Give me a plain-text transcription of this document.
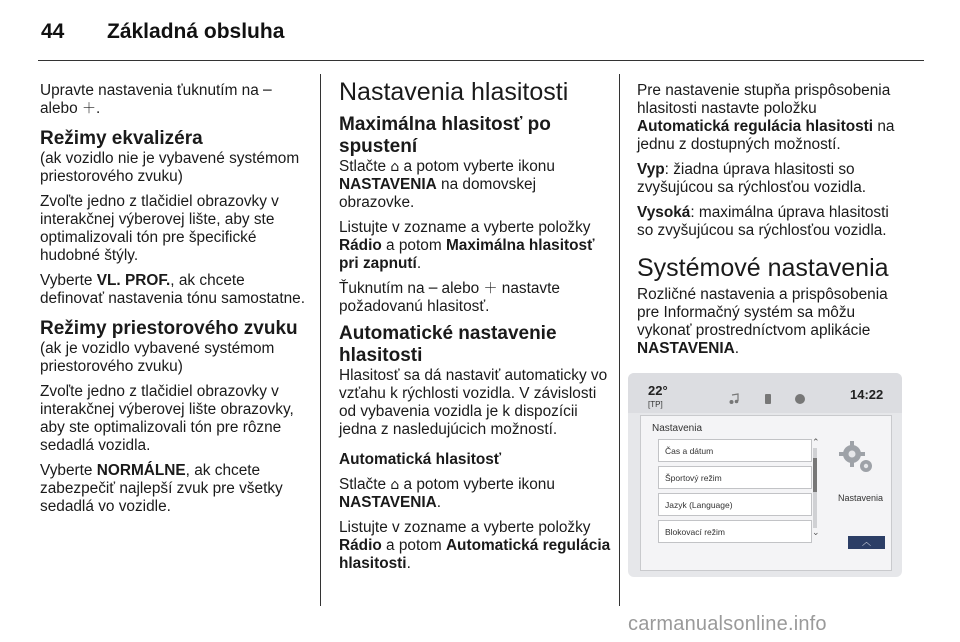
44 Základná obsluha

Upravte nastavenia ťuknutím na ─
alebo ＋.

Režimy ekvalizéra

(ak vozidlo nie je vybavené systémom priestorového zvuku)

Zvoľte jedno z tlačidiel obrazovky v interakčnej výberovej lište, aby ste optimalizovali tón pre špecifické hudobné štýly.

Vyberte VL. PROF., ak chcete definovať nastavenia tónu samostatne.

Režimy priestorového zvuku

(ak je vozidlo vybavené systémom priestorového zvuku)

Zvoľte jedno z tlačidiel obrazovky v interakčnej výberovej lište obrazovky, aby ste optimalizovali tón pre rôzne sedadlá vozidla.

Vyberte NORMÁLNE, ak chcete zabezpečiť najlepší zvuk pre všetky sedadlá vo vozidle.

Nastavenia hlasitosti
Maximálna hlasitosť po spustení

Stlačte ⌂ a potom vyberte ikonu NASTAVENIA na domovskej obrazovke.

Listujte v zozname a vyberte položky Rádio a potom Maximálna hlasitosť pri zapnutí.

Ťuknutím na ─ alebo ＋ nastavte požadovanú hlasitosť.

Automatické nastavenie hlasitosti

Hlasitosť sa dá nastaviť automaticky vo vzťahu k rýchlosti vozidla. V závislosti od vybavenia vozidla je k dispozícii jedna z nasledujúcich možností.

Automatická hlasitosť

Stlačte ⌂ a potom vyberte ikonu NASTAVENIA.

Listujte v zozname a vyberte položky Rádio a potom Automatická regulácia hlasitosti.

Pre nastavenie stupňa prispôsobenia hlasitosti nastavte položku Automatická regulácia hlasitosti na jednu z dostupných možností.

Vyp: žiadna úprava hlasitosti so zvyšujúcou sa rýchlosťou vozidla.

Vysoká: maximálna úprava hlasitosti so zvyšujúcou sa rýchlosťou vozidla.

Systémové nastavenia

Rozličné nastavenia a prispôsobenia pre Informačný systém sa môžu vykonať prostredníctvom aplikácie NASTAVENIA.

22°
[TP]
14:22
Nastavenia
Čas a dátum
Športový režim
Jazyk (Language)
Blokovací režim
⌃
⌄
Nastavenia
︿
carmanualsonline.info
